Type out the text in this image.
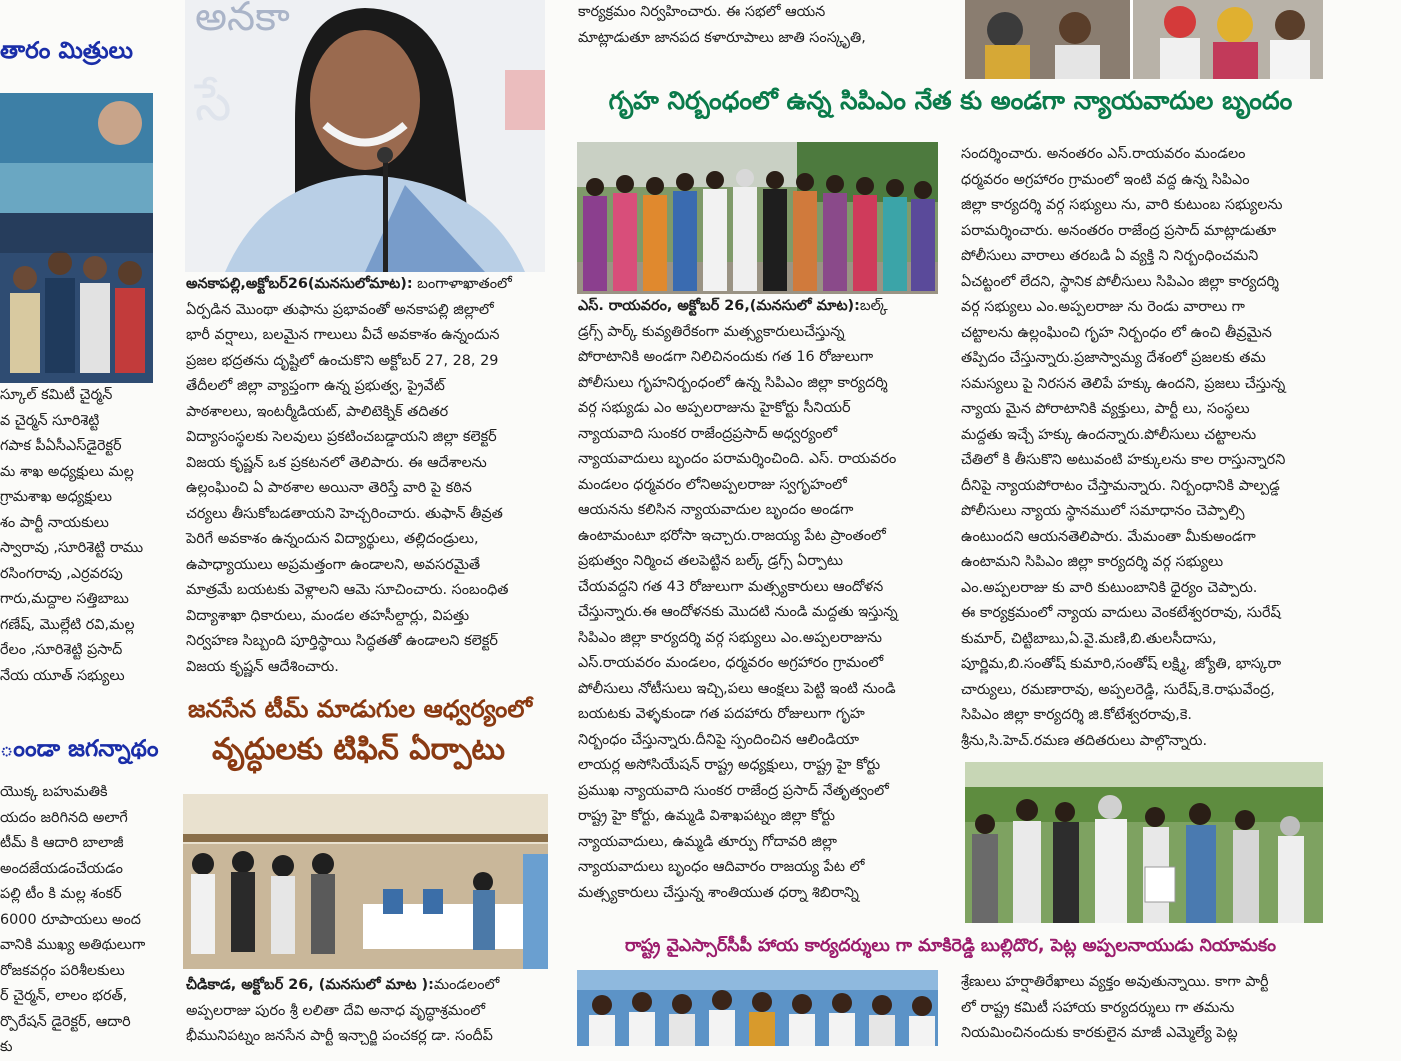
తారం మిత్రులు
స్కూల్ కమిటీ చైర్మన్
వ చైర్మన్ సూరిశెట్టి
గపాక పీఏసీఎస్‌డైరెక్టర్
మ శాఖ అధ్యక్షులు మల్ల
గ్రామశాఖ అధ్యక్షులు
శం పార్టీ నాయకులు
స్వారావు ,సూరిశెట్టి రాము
రసింగరావు ,ఎర్రవరపు
గారు,మద్దాల సత్తిబాబు
గణేష్, మొల్లేటి రవి,మల్ల
రేలం ,సూరిశెట్టి ప్రసాద్
నేయ యూత్ సభ్యులు
ంండా జగన్నాథం
యొక్క బహుమతికి
యదం జరిగినది అలాగే
టీమ్ కి ఆదారి బాలాజీ
అందజేయడంచేయడం
పల్లి టీం కి మల్ల శంకర్
6000 రూపాయలు అంద
వానికి ముఖ్య అతిథులుగా
రోజకవర్గం పరిశీలకులు
ర్ చైర్మన్, లాలం భరత్,
ర్పొరేషన్ డైరెక్టర్, ఆదారి
కు
అనకా
సే
అనకాపల్లి,అక్టోబర్26(మనసులోమాట): బంగాళాఖాతంలో
ఏర్పడిన మొంథా తుఫాను ప్రభావంతో అనకాపల్లి జిల్లాలో
భారీ వర్షాలు, బలమైన గాలులు వీచే అవకాశం ఉన్నందున
ప్రజల భద్రతను దృష్టిలో ఉంచుకొని అక్టోబర్ 27, 28, 29
తేదీలలో జిల్లా వ్యాప్తంగా ఉన్న ప్రభుత్వ, ప్రైవేట్
పాఠశాలలు, ఇంటర్మీడియట్, పాలిటెక్నిక్ తదితర
విద్యాసంస్థలకు సెలవులు ప్రకటించబడ్డాయని జిల్లా కలెక్టర్
విజయ కృష్ణన్ ఒక ప్రకటనలో తెలిపారు. ఈ ఆదేశాలను
ఉల్లంఘించి ఏ పాఠశాల అయినా తెరిస్తే వారి పై కఠిన
చర్యలు తీసుకోబడతాయని హెచ్చరించారు. తుఫాన్ తీవ్రత
పెరిగే అవకాశం ఉన్నందున విద్యార్థులు, తల్లిదండ్రులు,
ఉపాధ్యాయులు అప్రమత్తంగా ఉండాలని, అవసరమైతే
మాత్రమే బయటకు వెళ్లాలని ఆమె సూచించారు. సంబంధిత
విద్యాశాఖా ధికారులు, మండల తహసీల్దార్లు, విపత్తు
నిర్వహణ సిబ్బంది పూర్తిస్థాయి సిద్ధతతో ఉండాలని కలెక్టర్
విజయ కృష్ణన్ ఆదేశించారు.
జనసేన టీమ్ మాడుగుల ఆధ్వర్యంలో
వృద్ధులకు టిఫిన్ ఏర్పాటు
చీడికాడ, అక్టోబర్ 26, (మనసులో మాట ):మండలంలో
అప్పలరాజు పురం శ్రీ లలితా దేవి అనాధ వృద్ధాశ్రమంలో
భీమునిపట్నం జనసేన పార్టీ ఇన్చార్జి పంచకర్ల డా. సందీప్
కార్యక్రమం నిర్వహించారు. ఈ సభలో ఆయన
మాట్లాడుతూ జానపద కళారూపాలు జాతి సంస్కృతి,
గృహ నిర్బంధంలో ఉన్న సిపిఎం నేత కు అండగా న్యాయవాదుల బృందం
ఎస్. రాయవరం, అక్టోబర్ 26,(మనసులో మాట):బల్క్
డ్రగ్స్ పార్క్ కువ్యతిరేకంగా మత్స్యకారులుచేస్తున్న
పోరాటానికి అండగా నిలిచినందుకు గత 16 రోజులుగా
పోలీసులు గృహనిర్బంధంలో ఉన్న సిపిఎం జిల్లా కార్యదర్శి
వర్గ సభ్యుడు ఎం అప్పలరాజును హైకోర్టు సీనియర్
న్యాయవాది సుంకర రాజేంద్రప్రసాద్ అధ్వర్యంలో
న్యాయవాదులు బృందం పరామర్శించింది. ఎస్. రాయవరం
మండలం ధర్మవరం లోనిఅప్పలరాజు స్వగృహంలో
ఆయనను కలిసిన న్యాయవాదుల బృందం అండగా
ఉంటామంటూ భరోసా ఇచ్చారు.రాజయ్య పేట ప్రాంతంలో
ప్రభుత్వం నిర్మించ తలపెట్టిన బల్క్ డ్రగ్స్ ఏర్పాటు
చేయవద్దని గత 43 రోజులుగా మత్స్యకారులు ఆందోళన
చేస్తున్నారు.ఈ ఆందోళనకు మొదటి నుండి మద్దతు ఇస్తున్న
సిపిఎం జిల్లా కార్యదర్శి వర్గ సభ్యులు ఎం.అప్పలరాజును
ఎస్.రాయవరం మండలం, ధర్మవరం అగ్రహారం గ్రామంలో
పోలీసులు నోటీసులు ఇచ్చి,పలు ఆంక్షలు పెట్టి ఇంటి నుండి
బయటకు వెళ్ళకుండా గత పదహారు రోజులుగా గృహ
నిర్బంధం చేస్తున్నారు.దీనిపై స్పందించిన ఆలిండియా
లాయర్ల అసోసియేషన్ రాష్ట్ర అధ్యక్షులు, రాష్ట్ర హై కోర్టు
ప్రముఖ న్యాయవాది సుంకర రాజేంద్ర ప్రసాద్ నేతృత్వంలో
రాష్ట్ర హై కోర్టు, ఉమ్మడి విశాఖపట్నం జిల్లా కోర్టు
న్యాయవాదులు, ఉమ్మడి తూర్పు గోదావరి జిల్లా
న్యాయవాదులు బృంధం ఆదివారం రాజయ్య పేట లో
మత్స్యకారులు చేస్తున్న శాంతియుత ధర్నా శిబిరాన్ని
రాష్ట్ర వైఎస్సార్‌సీపీ హాయ కార్యదర్శులు గా మాకిరెడ్డి బుల్లిదొర, పెట్ల అప్పలనాయుడు నియామకం
సందర్శించారు. అనంతరం ఎస్.రాయవరం మండలం
ధర్మవరం అగ్రహారం గ్రామంలో ఇంటి వద్ద ఉన్న సిపిఎం
జిల్లా కార్యదర్శి వర్గ సభ్యులు ను, వారి కుటుంబ సభ్యులను
పరామర్శించారు. అనంతరం రాజేంద్ర ప్రసాద్ మాట్లాడుతూ
పోలీసులు వారాలు తరబడి ఏ వ్యక్తి ని నిర్బంధించమని
ఏచట్టంలో లేదని, స్థానిక పోలీసులు సిపిఎం జిల్లా కార్యదర్శి
వర్గ సభ్యులు ఎం.అప్పలరాజు ను రెండు వారాలు గా
చట్టాలను ఉల్లంఘించి గృహ నిర్బంధం లో ఉంచి తీవ్రమైన
తప్పిదం చేస్తున్నారు.ప్రజాస్వామ్య దేశంలో ప్రజలకు తమ
సమస్యలు పై నిరసన తెలిపే హక్కు ఉందని, ప్రజలు చేస్తున్న
న్యాయ మైన పోరాటానికి వ్యక్తులు, పార్టీ లు, సంస్థలు
మద్దతు ఇచ్చే హక్కు ఉందన్నారు.పోలీసులు చట్టాలను
చేతిలో కి తీసుకొని అటువంటి హక్కులను కాల రాస్తున్నారని
దీనిపై న్యాయపోరాటం చేస్తామన్నారు. నిర్బంధానికి పాల్పడ్డ
పోలీసులు న్యాయ స్థానములో సమాధానం చెప్పాల్సి
ఉంటుందని ఆయనతెలిపారు. మేమంతా మీకుఅండగా
ఉంటామని సిపిఎం జిల్లా కార్యదర్శి వర్గ సభ్యులు
ఎం.అప్పలరాజు కు వారి కుటుంబానికి ధైర్యం చెప్పారు.
ఈ కార్యక్రమంలో న్యాయ వాదులు వెంకటేశ్వరరావు, సురేష్
కుమార్, చిట్టిబాబు,ఏ.వై.మణి,బి.తులసీదాసు,
పూర్ణిమ,బి.సంతోష్ కుమారి,సంతోష్ లక్ష్మి, జ్యోతి, భాస్కరా
చార్యులు, రమణారావు, అప్పలరెడ్డి, సురేష్,కె.రాఘవేంద్ర,
సిపిఎం జిల్లా కార్యదర్శి జి.కోటేశ్వరరావు,కె.
శ్రీను,సి.హెచ్.రమణ తదితరులు పాల్గొన్నారు.
శ్రేణులు హర్షాతిరేఖాలు వ్యక్తం అవుతున్నాయి. కాగా పార్టీ
లో రాష్ట్ర కమిటీ సహాయ కార్యదర్శులు గా తమను
నియమించినందుకు కారకులైన మాజీ ఎమ్మెల్యే పెట్ల
